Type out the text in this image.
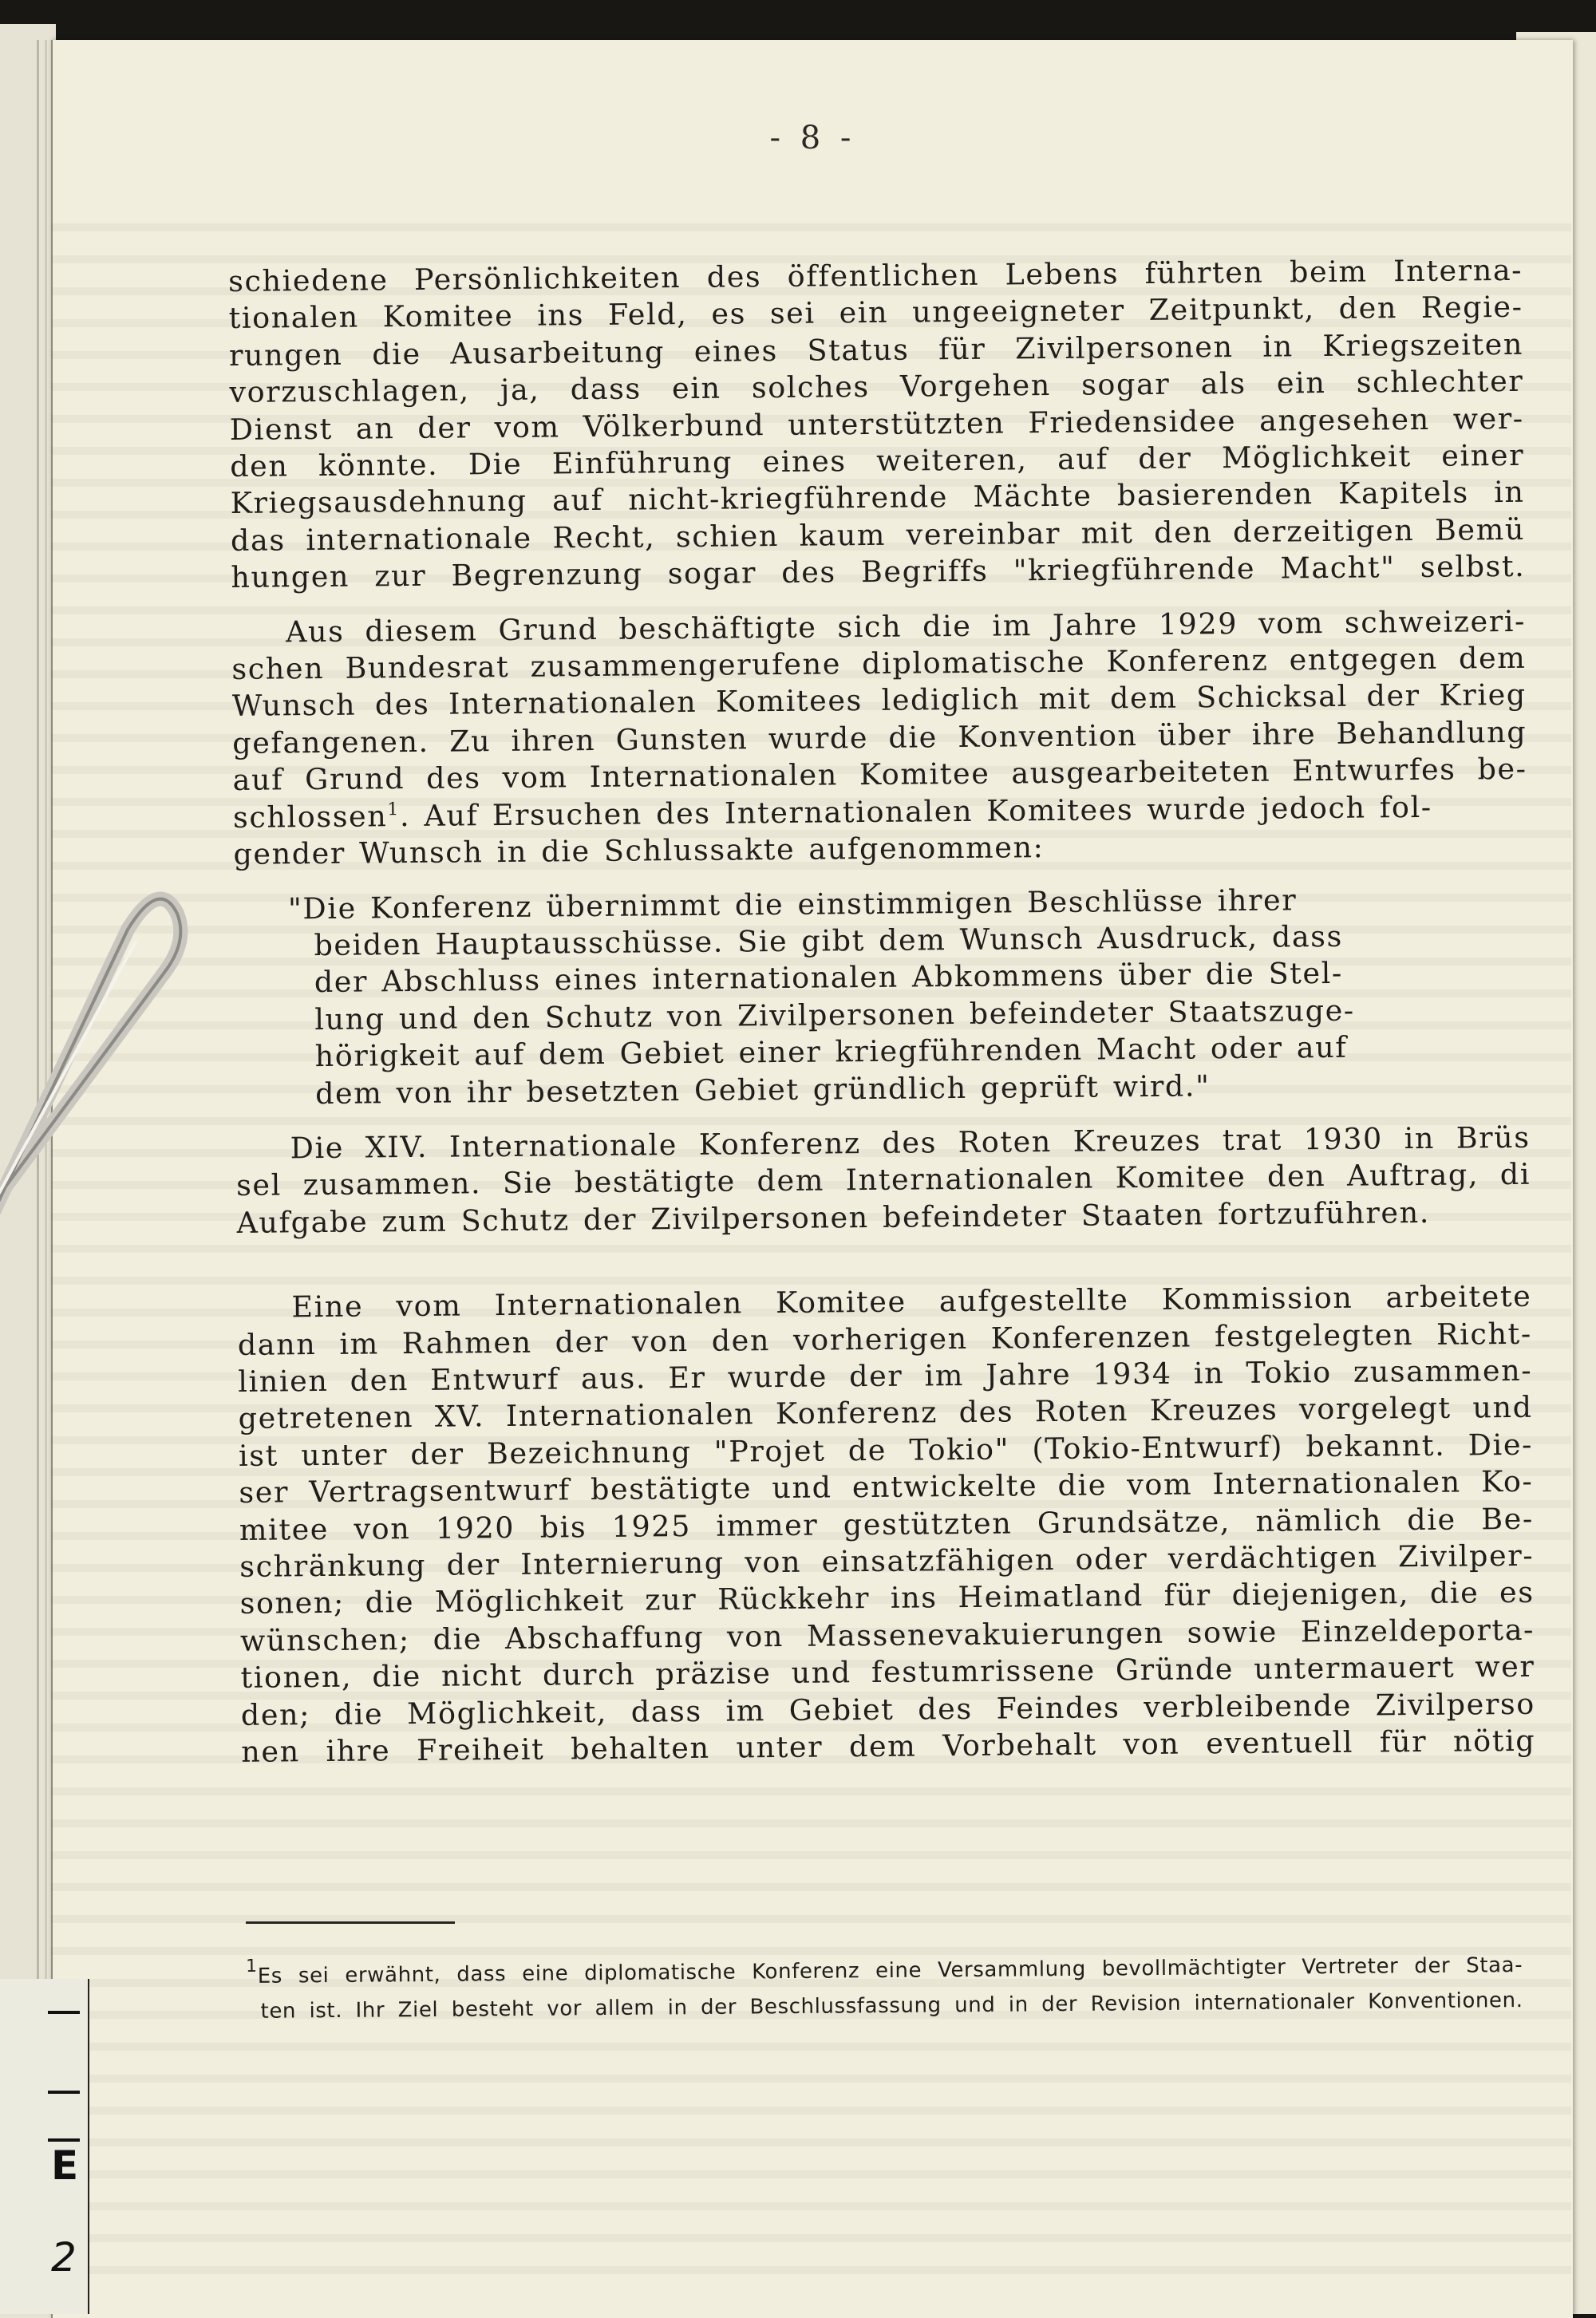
- 8 -
schiedene Persönlichkeiten des öffentlichen Lebens führten beim Interna-
tionalen Komitee ins Feld, es sei ein ungeeigneter Zeitpunkt, den Regie-
rungen die Ausarbeitung eines Status für Zivilpersonen in Kriegszeiten
vorzuschlagen, ja, dass ein solches Vorgehen sogar als ein schlechter
Dienst an der vom Völkerbund unterstützten Friedensidee angesehen wer-
den könnte. Die Einführung eines weiteren, auf der Möglichkeit einer
Kriegsausdehnung auf nicht-kriegführende Mächte basierenden Kapitels in
das internationale Recht, schien kaum vereinbar mit den derzeitigen Bemü
hungen zur Begrenzung sogar des Begriffs "kriegführende Macht" selbst.
Aus diesem Grund beschäftigte sich die im Jahre 1929 vom schweizeri-
schen Bundesrat zusammengerufene diplomatische Konferenz entgegen dem
Wunsch des Internationalen Komitees lediglich mit dem Schicksal der Krieg
gefangenen. Zu ihren Gunsten wurde die Konvention über ihre Behandlung
auf Grund des vom Internationalen Komitee ausgearbeiteten Entwurfes be-
schlossen$^1$. Auf Ersuchen des Internationalen Komitees wurde jedoch fol-
gender Wunsch in die Schlussakte aufgenommen:
"Die Konferenz übernimmt die einstimmigen Beschlüsse ihrer
beiden Hauptausschüsse. Sie gibt dem Wunsch Ausdruck, dass
der Abschluss eines internationalen Abkommens über die Stel-
lung und den Schutz von Zivilpersonen befeindeter Staatszuge-
hörigkeit auf dem Gebiet einer kriegführenden Macht oder auf
dem von ihr besetzten Gebiet gründlich geprüft wird."
Die XIV. Internationale Konferenz des Roten Kreuzes trat 1930 in Brüs
sel zusammen. Sie bestätigte dem Internationalen Komitee den Auftrag, di
Aufgabe zum Schutz der Zivilpersonen befeindeter Staaten fortzuführen.
Eine vom Internationalen Komitee aufgestellte Kommission arbeitete
dann im Rahmen der von den vorherigen Konferenzen festgelegten Richt-
linien den Entwurf aus. Er wurde der im Jahre 1934 in Tokio zusammen-
getretenen XV. Internationalen Konferenz des Roten Kreuzes vorgelegt und
ist unter der Bezeichnung "Projet de Tokio" (Tokio-Entwurf) bekannt. Die-
ser Vertragsentwurf bestätigte und entwickelte die vom Internationalen Ko-
mitee von 1920 bis 1925 immer gestützten Grundsätze, nämlich die Be-
schränkung der Internierung von einsatzfähigen oder verdächtigen Zivilper-
sonen; die Möglichkeit zur Rückkehr ins Heimatland für diejenigen, die es
wünschen; die Abschaffung von Massenevakuierungen sowie Einzeldeporta-
tionen, die nicht durch präzise und festumrissene Gründe untermauert wer
den; die Möglichkeit, dass im Gebiet des Feindes verbleibende Zivilperso
nen ihre Freiheit behalten unter dem Vorbehalt von eventuell für nötig
$^1$Es sei erwähnt, dass eine diplomatische Konferenz eine Versammlung bevollmächtigter Vertreter der Staa-
ten ist. Ihr Ziel besteht vor allem in der Beschlussfassung und in der Revision internationaler Konventionen.
E
2
